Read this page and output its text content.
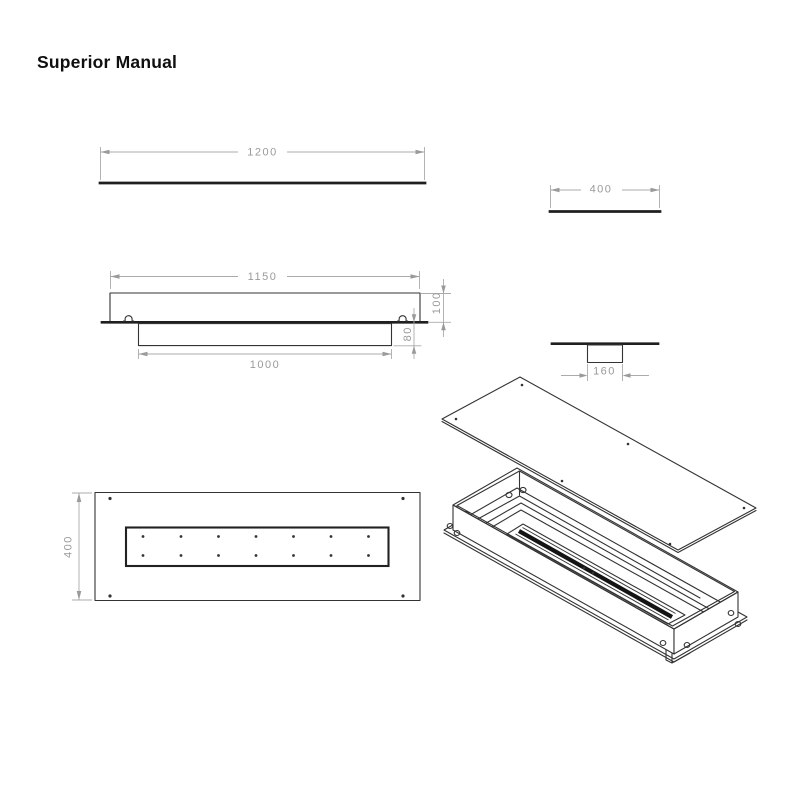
Superior Manual
1200
400
1150
100
80
1000
160
400
